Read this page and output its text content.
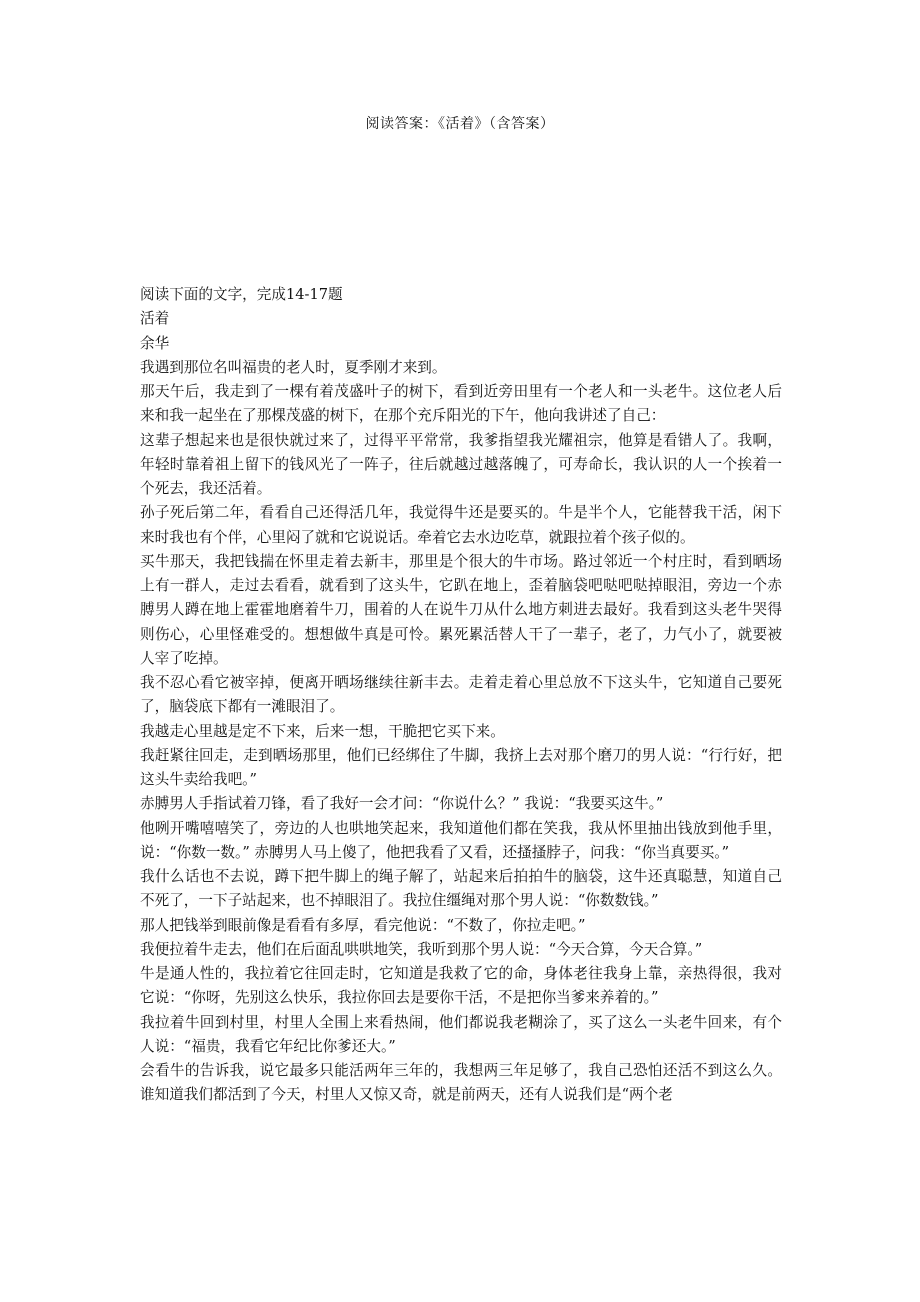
阅读答案：《活着》（含答案）

阅读下面的文字，完成14-17题

活着

余华

我遇到那位名叫福贵的老人时，夏季刚才来到。

那天午后，我走到了一棵有着茂盛叶子的树下，看到近旁田里有一个老人和一头老牛。这位老人后来和我一起坐在了那棵茂盛的树下，在那个充斥阳光的下午，他向我讲述了自己：

这辈子想起来也是很快就过来了，过得平平常常，我爹指望我光耀祖宗，他算是看错人了。我啊，年轻时靠着祖上留下的钱风光了一阵子，往后就越过越落魄了，可寿命长，我认识的人一个挨着一个死去，我还活着。

孙子死后第二年，看看自己还得活几年，我觉得牛还是要买的。牛是半个人，它能替我干活，闲下来时我也有个伴，心里闷了就和它说说话。牵着它去水边吃草，就跟拉着个孩子似的。

买牛那天，我把钱揣在怀里走着去新丰，那里是个很大的牛市场。路过邻近一个村庄时，看到晒场上有一群人，走过去看看，就看到了这头牛，它趴在地上，歪着脑袋吧哒吧哒掉眼泪，旁边一个赤膊男人蹲在地上霍霍地磨着牛刀，围着的人在说牛刀从什么地方刺进去最好。我看到这头老牛哭得则伤心，心里怪难受的。想想做牛真是可怜。累死累活替人干了一辈子，老了，力气小了，就要被人宰了吃掉。

我不忍心看它被宰掉，便离开晒场继续往新丰去。走着走着心里总放不下这头牛，它知道自己要死了，脑袋底下都有一滩眼泪了。

我越走心里越是定不下来，后来一想，干脆把它买下来。

我赶紧往回走，走到晒场那里，他们已经绑住了牛脚，我挤上去对那个磨刀的男人说：“行行好，把这头牛卖给我吧。”

赤膊男人手指试着刀锋，看了我好一会才问：“你说什么？” 我说：“我要买这牛。”

他咧开嘴嘻嘻笑了，旁边的人也哄地笑起来，我知道他们都在笑我，我从怀里抽出钱放到他手里，说：“你数一数。” 赤膊男人马上傻了，他把我看了又看，还搔搔脖子，问我：“你当真要买。”

我什么话也不去说，蹲下把牛脚上的绳子解了，站起来后拍拍牛的脑袋，这牛还真聪慧，知道自己不死了，一下子站起来，也不掉眼泪了。我拉住缰绳对那个男人说：“你数数钱。”

那人把钱举到眼前像是看看有多厚，看完他说：“不数了，你拉走吧。”

我便拉着牛走去，他们在后面乱哄哄地笑，我听到那个男人说：“今天合算，今天合算。”

牛是通人性的，我拉着它往回走时，它知道是我救了它的命，身体老往我身上靠，亲热得很，我对它说：“你呀，先别这么快乐，我拉你回去是要你干活，不是把你当爹来养着的。”

我拉着牛回到村里，村里人全围上来看热闹，他们都说我老糊涂了，买了这么一头老牛回来，有个人说：“福贵，我看它年纪比你爹还大。”

会看牛的告诉我，说它最多只能活两年三年的，我想两三年足够了，我自己恐怕还活不到这么久。谁知道我们都活到了今天，村里人又惊又奇，就是前两天，还有人说我们是“两个老
